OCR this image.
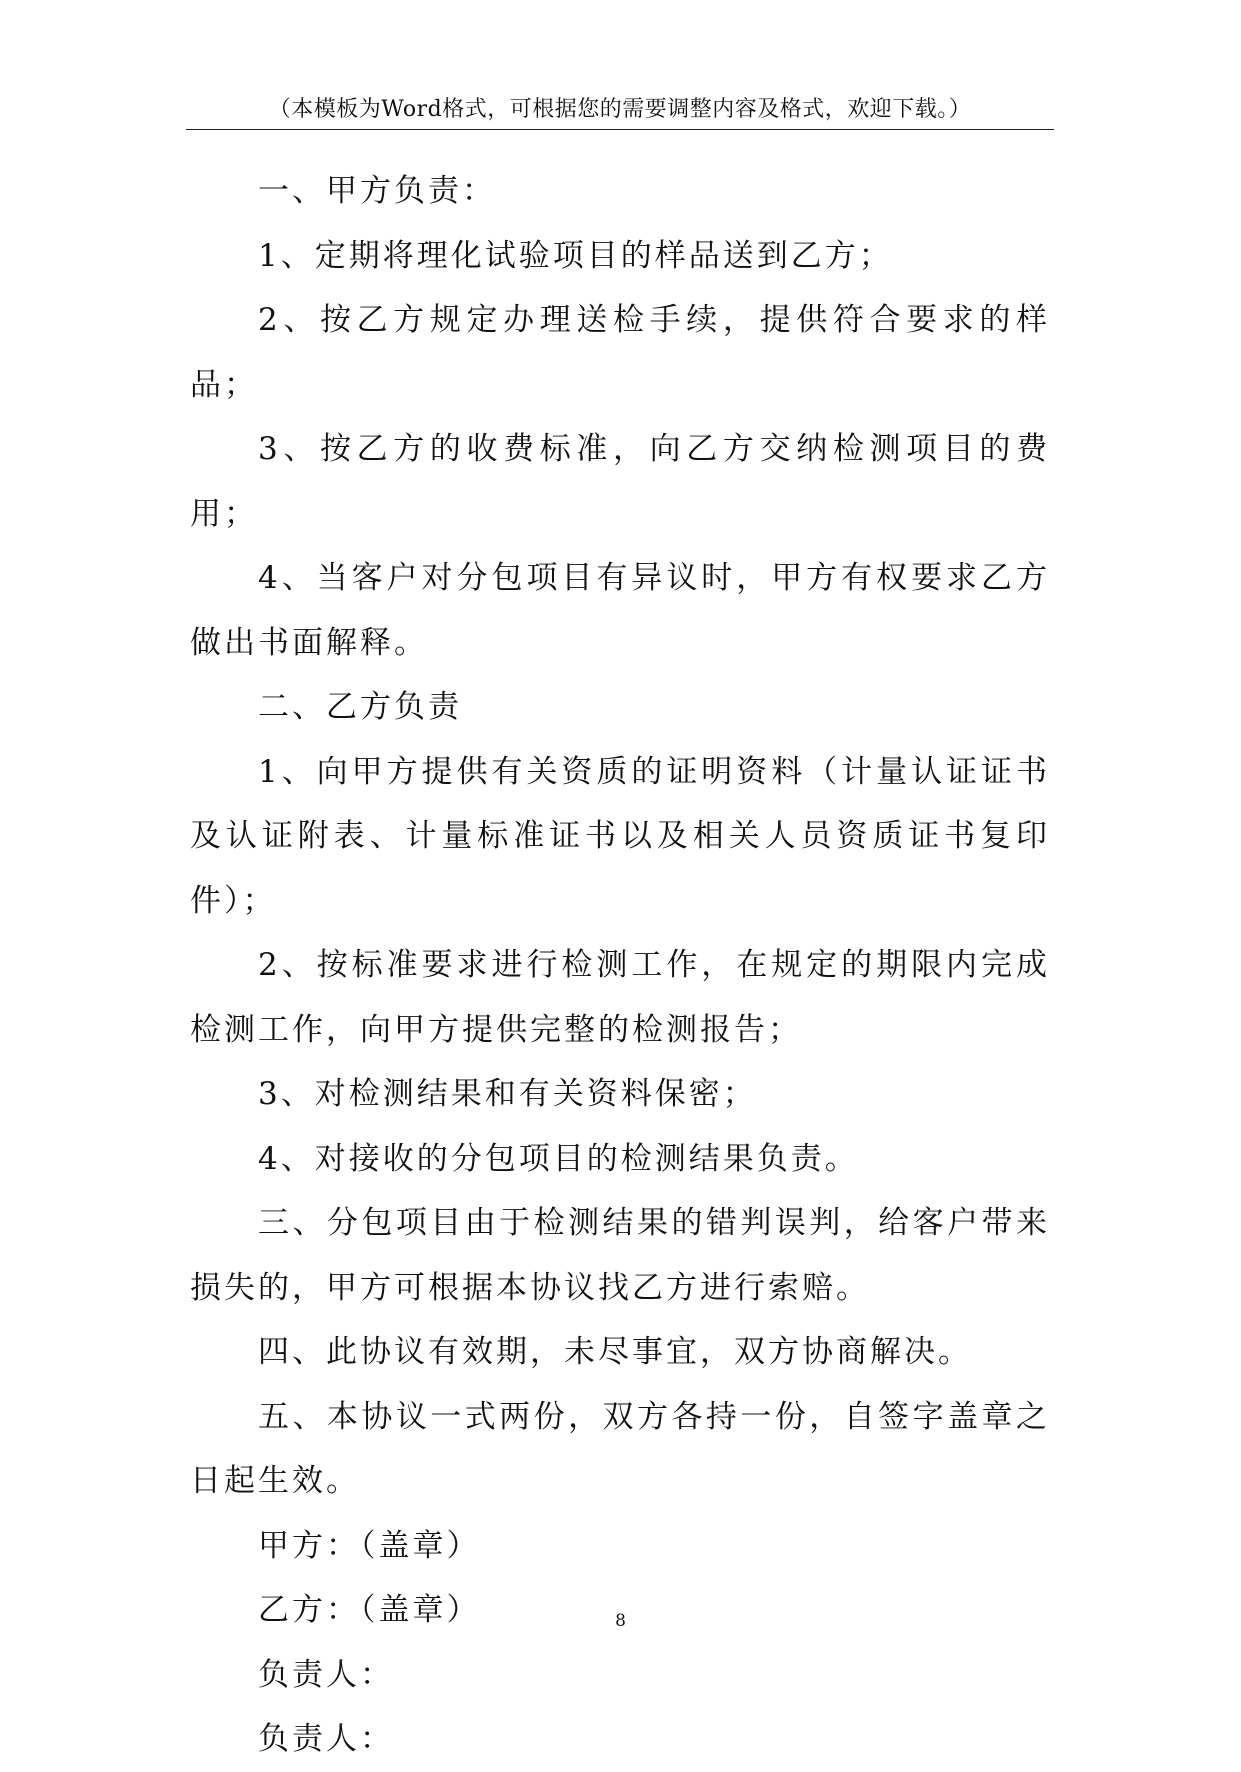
（本模板为Word格式，可根据您的需要调整内容及格式，欢迎下载。）

一、甲方负责：

1、定期将理化试验项目的样品送到乙方；

2、按乙方规定办理送检手续，提供符合要求的样品；

3、按乙方的收费标准，向乙方交纳检测项目的费用；

4、当客户对分包项目有异议时，甲方有权要求乙方做出书面解释。

二、乙方负责

1、向甲方提供有关资质的证明资料（计量认证证书及认证附表、计量标准证书以及相关人员资质证书复印件）；

2、按标准要求进行检测工作，在规定的期限内完成检测工作，向甲方提供完整的检测报告；

3、对检测结果和有关资料保密；

4、对接收的分包项目的检测结果负责。

三、分包项目由于检测结果的错判误判，给客户带来损失的，甲方可根据本协议找乙方进行索赔。

四、此协议有效期，未尽事宜，双方协商解决。

五、本协议一式两份，双方各持一份，自签字盖章之日起生效。

甲方：（盖章）

乙方：（盖章）

负责人：

负责人：

8
